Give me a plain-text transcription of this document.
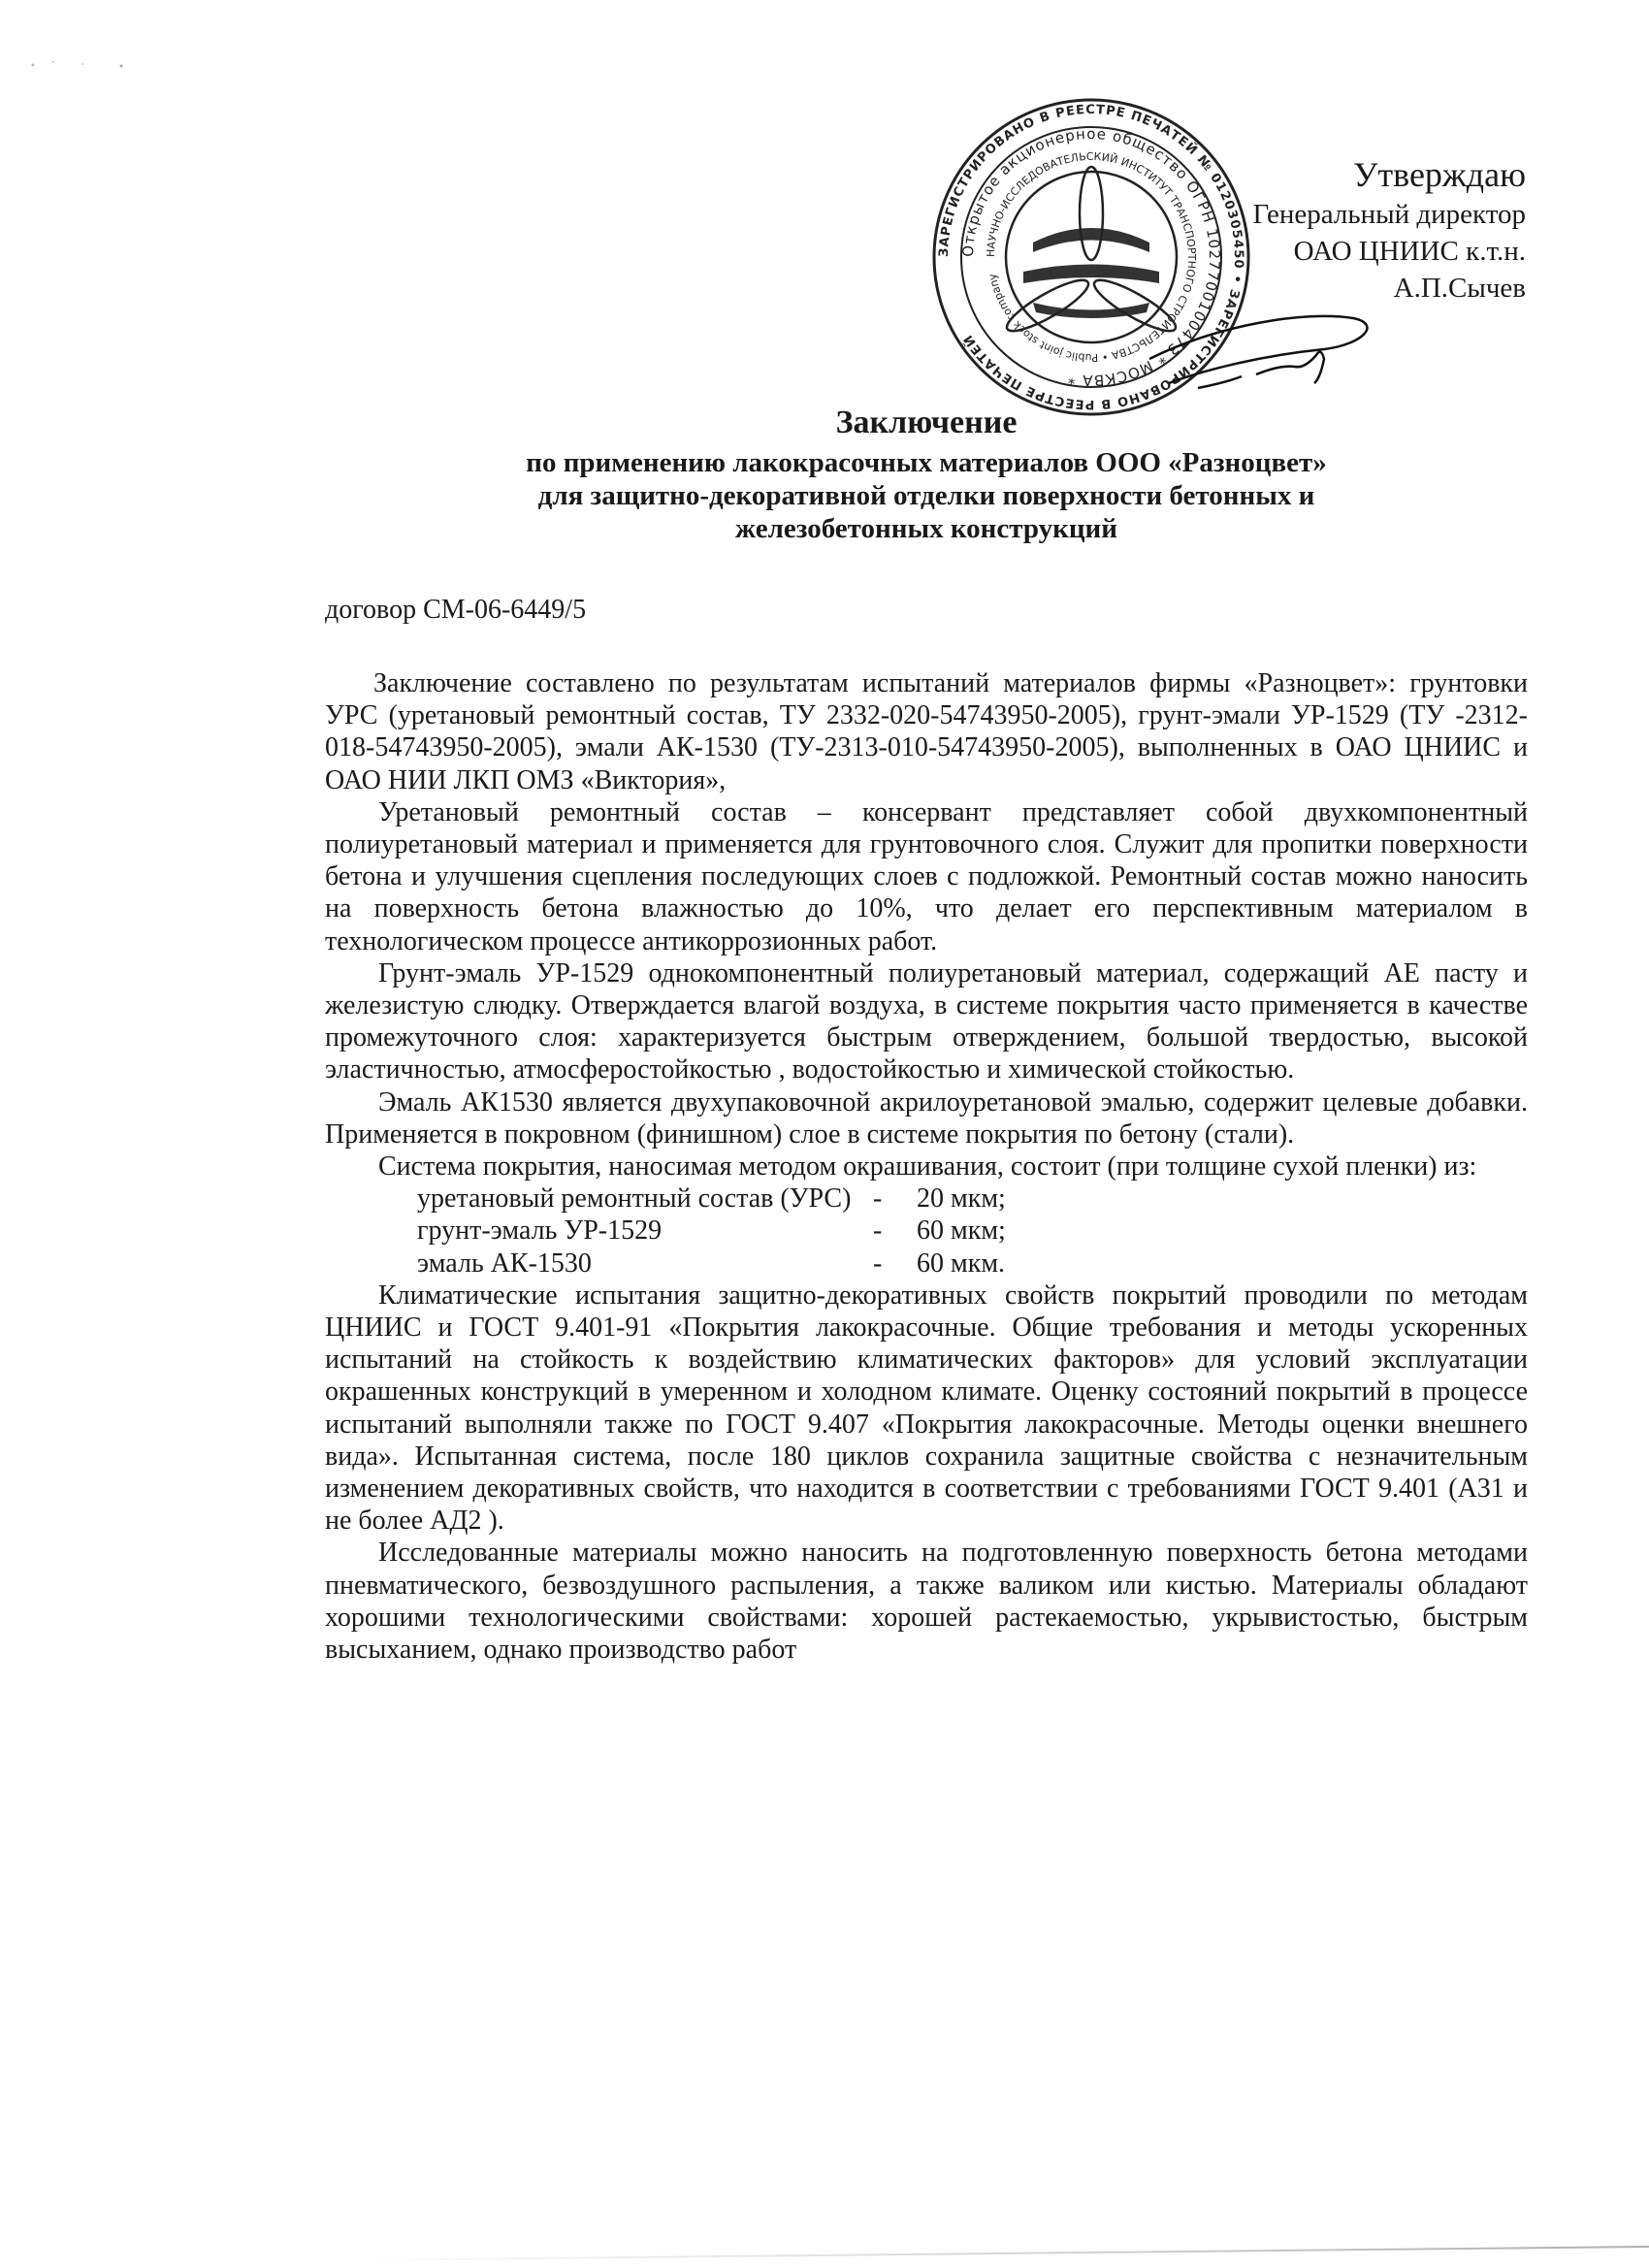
ЗАРЕГИСТРИРОВАНО В РЕЕСТРЕ ПЕЧАТЕЙ № 0120305450 • ЗАРЕГИСТРИРОВАНО В РЕЕСТРЕ ПЕЧАТЕЙ
Открытое акционерное общество ОГРН 1027700100473 * МОСКВА *
НАУЧНО-ИССЛЕДОВАТЕЛЬСКИЙ ИНСТИТУТ ТРАНСПОРТНОГО СТРОИТЕЛЬСТВА • Public joint stock company
Утверждаю
Генеральный директор
ОАО ЦНИИС к.т.н.
А.П.Сычев
Заключение
по применению лакокрасочных материалов ООО «Разноцвет»
для защитно-декоративной отделки поверхности бетонных и
железобетонных конструкций
договор СМ-06-6449/5

Заключение составлено по результатам испытаний материалов фирмы «Разноцвет»: грунтовки УРС (уретановый ремонтный состав, ТУ 2332-020-54743950-2005), грунт-эмали УР-1529 (ТУ -2312-018-54743950-2005), эмали АК-1530 (ТУ-2313-010-54743950-2005), выполненных в ОАО ЦНИИС и ОАО НИИ ЛКП ОМЗ «Виктория»,

Уретановый ремонтный состав – консервант представляет собой двухкомпонентный полиуретановый материал и применяется для грунтовочного слоя. Служит для пропитки поверхности бетона и улучшения сцепления последующих слоев с подложкой. Ремонтный состав можно наносить на поверхность бетона влажностью до 10%, что делает его перспективным материалом в технологическом процессе антикоррозионных работ.

Грунт-эмаль УР-1529 однокомпонентный полиуретановый материал, содержащий АЕ пасту и железистую слюдку. Отверждается влагой воздуха, в системе покрытия часто применяется в качестве промежуточного слоя: характеризуется быстрым отверждением, большой твердостью, высокой эластичностью, атмосферостойкостью , водостойкостью и химической стойкостью.

Эмаль АК1530 является двухупаковочной акрилоуретановой эмалью, содержит целевые добавки. Применяется в покровном (финишном) слое в системе покрытия по бетону (стали).

Система покрытия, наносимая методом окрашивания, состоит (при толщине сухой пленки) из:

уретановый ремонтный состав (УРС) -	20 мкм;
грунт-эмаль УР-1529	-	60 мкм;
эмаль АК-1530	-	60 мкм.

Климатические испытания защитно-декоративных свойств покрытий проводили по методам ЦНИИС и ГОСТ 9.401-91 «Покрытия лакокрасочные. Общие требования и методы ускоренных испытаний на стойкость к воздействию климатических факторов» для условий эксплуатации окрашенных конструкций в умеренном и холодном климате. Оценку состояний покрытий в процессе испытаний выполняли также по ГОСТ 9.407 «Покрытия лакокрасочные. Методы оценки внешнего вида». Испытанная система, после 180 циклов сохранила защитные свойства с незначительным изменением декоративных свойств, что находится в соответствии с требованиями ГОСТ 9.401 (А31 и не более АД2 ).

Исследованные материалы можно наносить на подготовленную поверхность бетона методами пневматического, безвоздушного распыления, а также валиком или кистью. Материалы обладают хорошими технологическими свойствами: хорошей растекаемостью, укрывистостью, быстрым высыханием, однако производство работ
